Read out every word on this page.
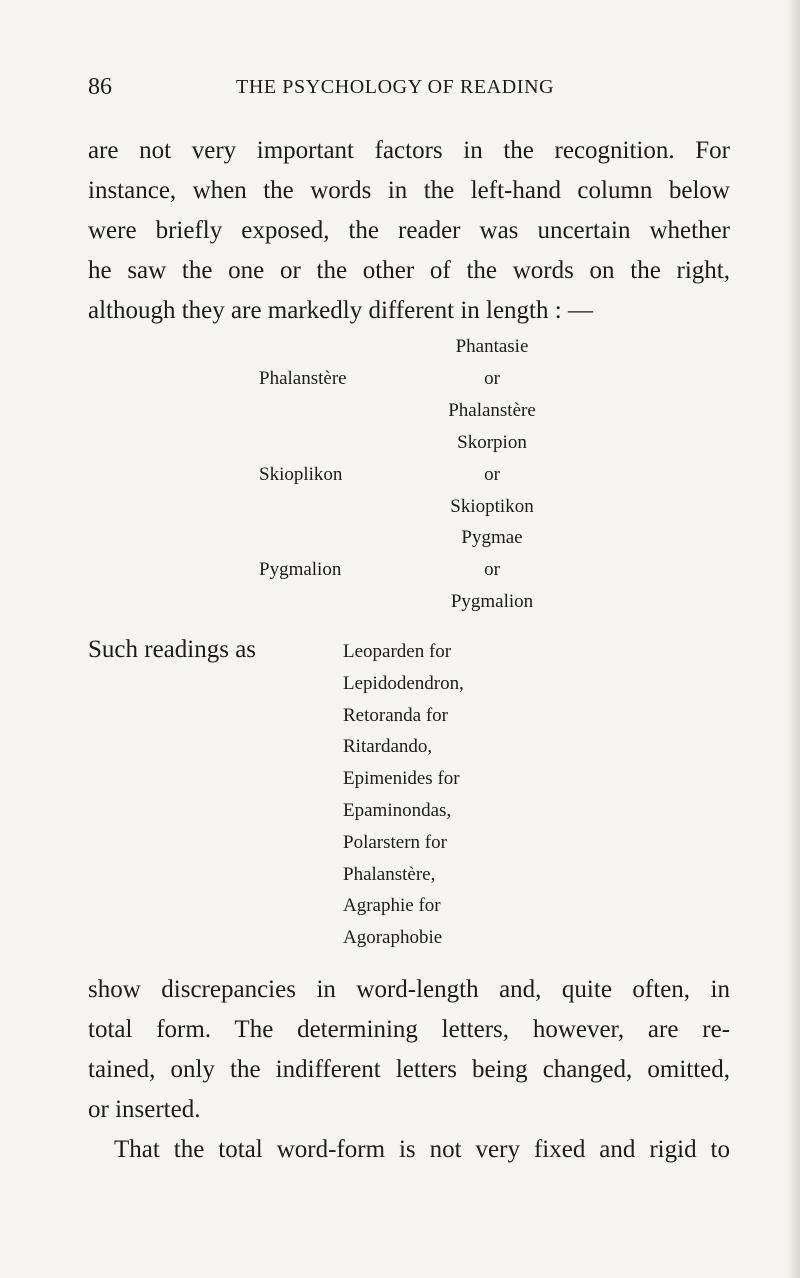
86	THE PSYCHOLOGY OF READING
are not very important factors in the recognition. For
instance, when the words in the left-hand column below
were briefly exposed, the reader was uncertain whether
he saw the one or the other of the words on the right,
although they are markedly different in length : —
Phalanstère
Phantasie
or
Phalanstère
Skioplikon
Skorpion
or
Skioptikon
Pygmalion
Pygmae
or
Pygmalion
Such readings as	Leoparden for
Lepidodendron,
Retoranda for
Ritardando,
Epimenides for
Epaminondas,
Polarstern for
Phalanstère,
Agraphie for
Agoraphobie
show discrepancies in word-length and, quite often, in
total form. The determining letters, however, are re-
tained, only the indifferent letters being changed, omitted,
or inserted.
That the total word-form is not very fixed and rigid to
